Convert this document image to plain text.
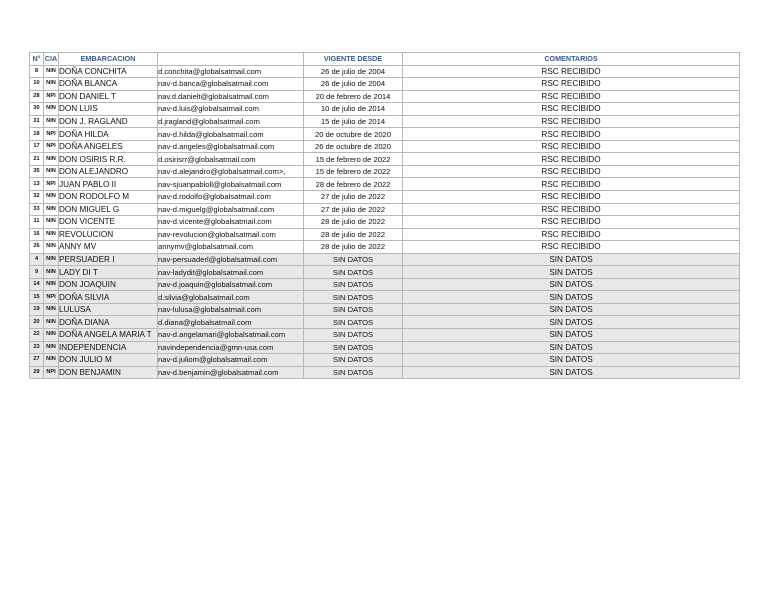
N°	CIA	EMBARCACION		VIGENTE DESDE	COMENTARIOS
8	NIN	DOÑA CONCHITA	d.conchita@globalsatmail.com	26 de julio de 2004	RSC RECIBIDO
10	NIN	DOÑA BLANCA	nav-d.banca@globalsatmail.com	26 de julio de 2004	RSC RECIBIDO
28	NPI	DON DANIEL T	nav.d.danielt@globalsatmail.com	20 de febrero de 2014	RSC RECIBIDO
30	NIN	DON LUIS	nav-d.luis@globalsatmail.com	10 de julio de 2014	RSC RECIBIDO
31	NIN	DON J. RAGLAND	d.jragland@globalsatmail.com	15 de julio de 2014	RSC RECIBIDO
18	NPI	DOÑA HILDA	nav-d.hilda@globalsatmail.com	20 de octubre de 2020	RSC RECIBIDO
17	NPI	DOÑA ANGELES	nav-d.angeles@globalsatmail.com	26 de octubre de 2020	RSC RECIBIDO
21	NIN	DON OSIRIS R.R.	d.osirisrr@globalsatmail.com	15 de febrero de 2022	RSC RECIBIDO
35	NIN	DON ALEJANDRO	nav-d.alejandro@globalsatmail.com>,	15 de febrero de 2022	RSC RECIBIDO
13	NPI	JUAN PABLO II	nav-sjuanpabloll@globalsatmail.com	28 de febrero de 2022	RSC RECIBIDO
32	NIN	DON RODOLFO M	nav-d.rodolfo@globalsatmail.com	27 de julio de 2022	RSC RECIBIDO
33	NIN	DON MIGUEL G	nav-d.miguelg@globalsatmail.com	27 de julio de 2022	RSC RECIBIDO
11	NIN	DON VICENTE	nav-d.vicente@globalsatmail.com	28 de julio de 2022	RSC RECIBIDO
16	NIN	REVOLUCION	nav-revolucion@globalsatmail.com	28 de julio de 2022	RSC RECIBIDO
26	NIN	ANNY MV	annymv@globalsatmail.com	28 de julio de 2022	RSC RECIBIDO
4	NIN	PERSUADER I	nav-persuaderl@globalsatmail.com	SIN DATOS	SIN DATOS
9	NIN	LADY DI T	nav-ladydit@globalsatmail.com	SIN DATOS	SIN DATOS
14	NIN	DON JOAQUIN	nav-d.joaquin@globalsatmail.com	SIN DATOS	SIN DATOS
15	NPI	DOÑA SILVIA	d.silvia@globalsatmail.com	SIN DATOS	SIN DATOS
19	NIN	LULUSA	nav-lulusa@globalsatmail.com	SIN DATOS	SIN DATOS
20	NIN	DOÑA DIANA	d.diana@globalsatmail.com	SIN DATOS	SIN DATOS
22	NIN	DOÑA ANGELA MARIA T	nav-d.angelamari@globalsatmail.com	SIN DATOS	SIN DATOS
23	NIN	INDEPENDENCIA	navindependencia@gmn-usa.com	SIN DATOS	SIN DATOS
27	NIN	DON JULIO M	nav-d.juliom@globalsatmail.com	SIN DATOS	SIN DATOS
29	NPI	DON BENJAMIN	nav-d.benjamin@globalsatmail.com	SIN DATOS	SIN DATOS
